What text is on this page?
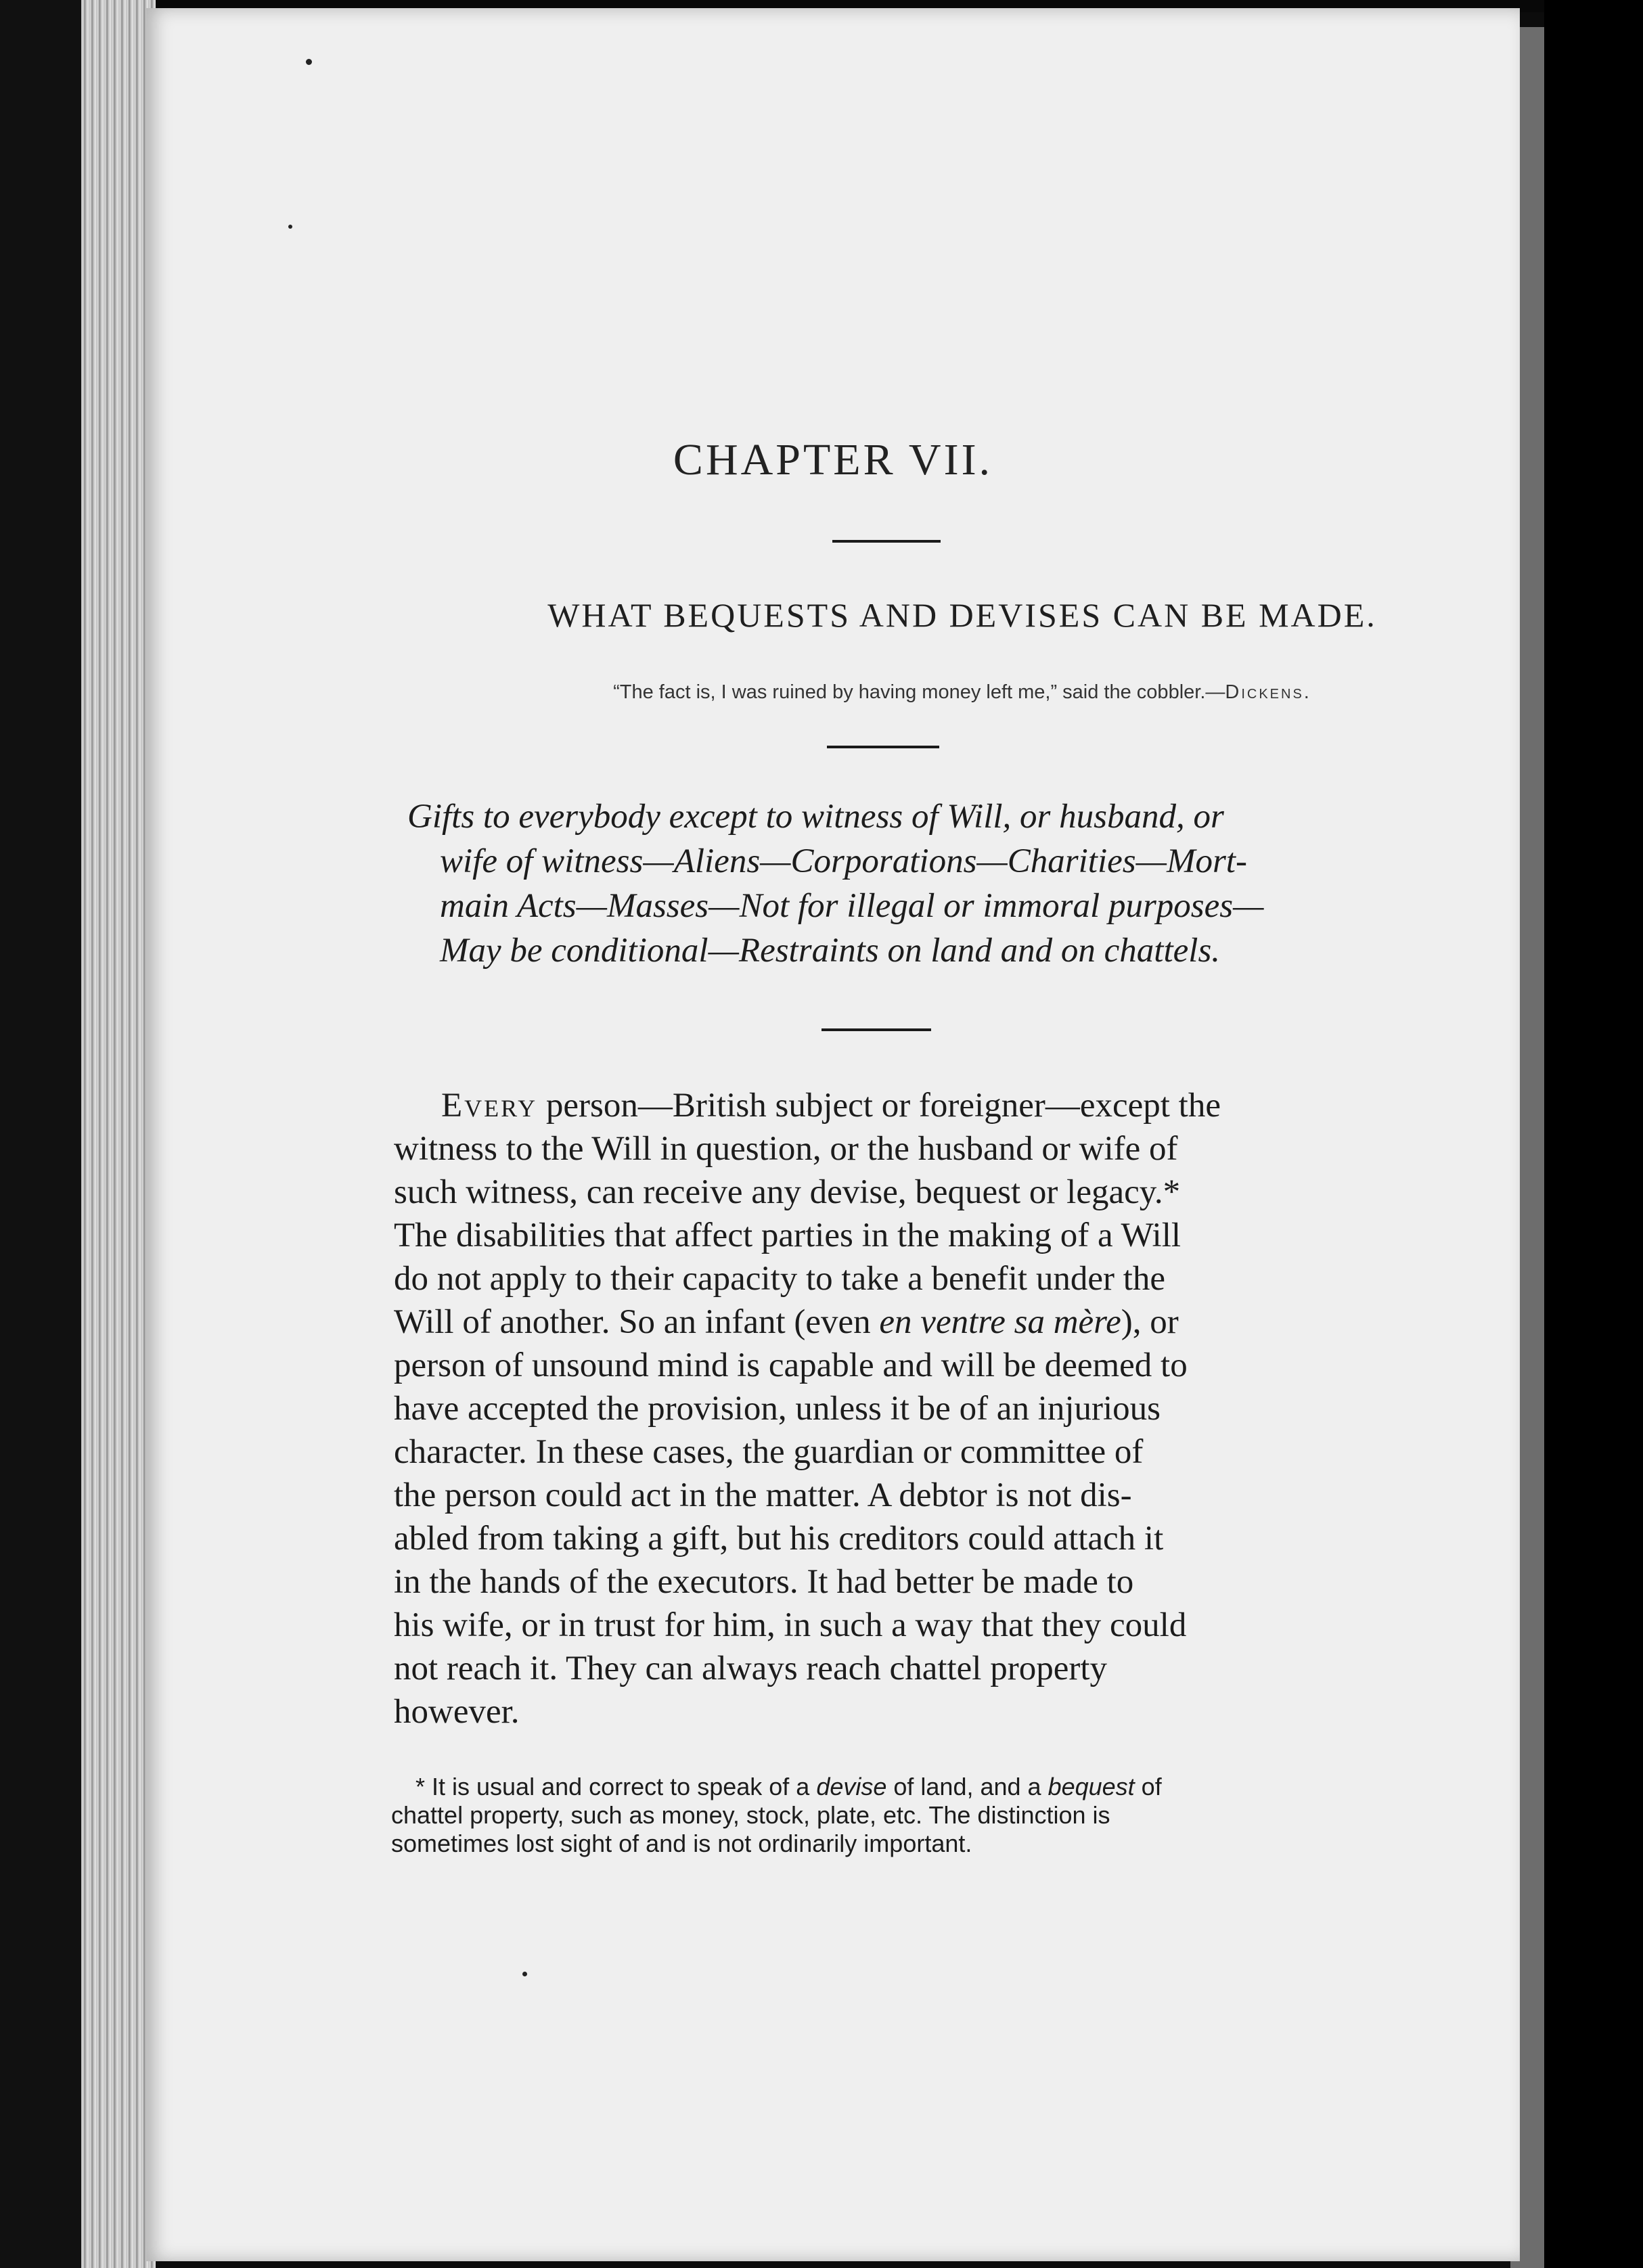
CHAPTER VII.
WHAT BEQUESTS AND DEVISES CAN BE MADE.
“The fact is, I was ruined by having money left me,” said the cobbler.—Dickens.
Gifts to everybody except to witness of Will, or husband, or
wife of witness—Aliens—Corporations—Charities—Mort-
main Acts—Masses—Not for illegal or immoral purposes—
May be conditional—Restraints on land and on chattels.
Every person—British subject or foreigner—except the
witness to the Will in question, or the husband or wife of
such witness, can receive any devise, bequest or legacy.*
The disabilities that affect parties in the making of a Will
do not apply to their capacity to take a benefit under the
Will of another. So an infant (even en ventre sa mère), or
person of unsound mind is capable and will be deemed to
have accepted the provision, unless it be of an injurious
character. In these cases, the guardian or committee of
the person could act in the matter. A debtor is not dis-
abled from taking a gift, but his creditors could attach it
in the hands of the executors. It had better be made to
his wife, or in trust for him, in such a way that they could
not reach it. They can always reach chattel property
however.
* It is usual and correct to speak of a devise of land, and a bequest of
chattel property, such as money, stock, plate, etc. The distinction is
sometimes lost sight of and is not ordinarily important.
